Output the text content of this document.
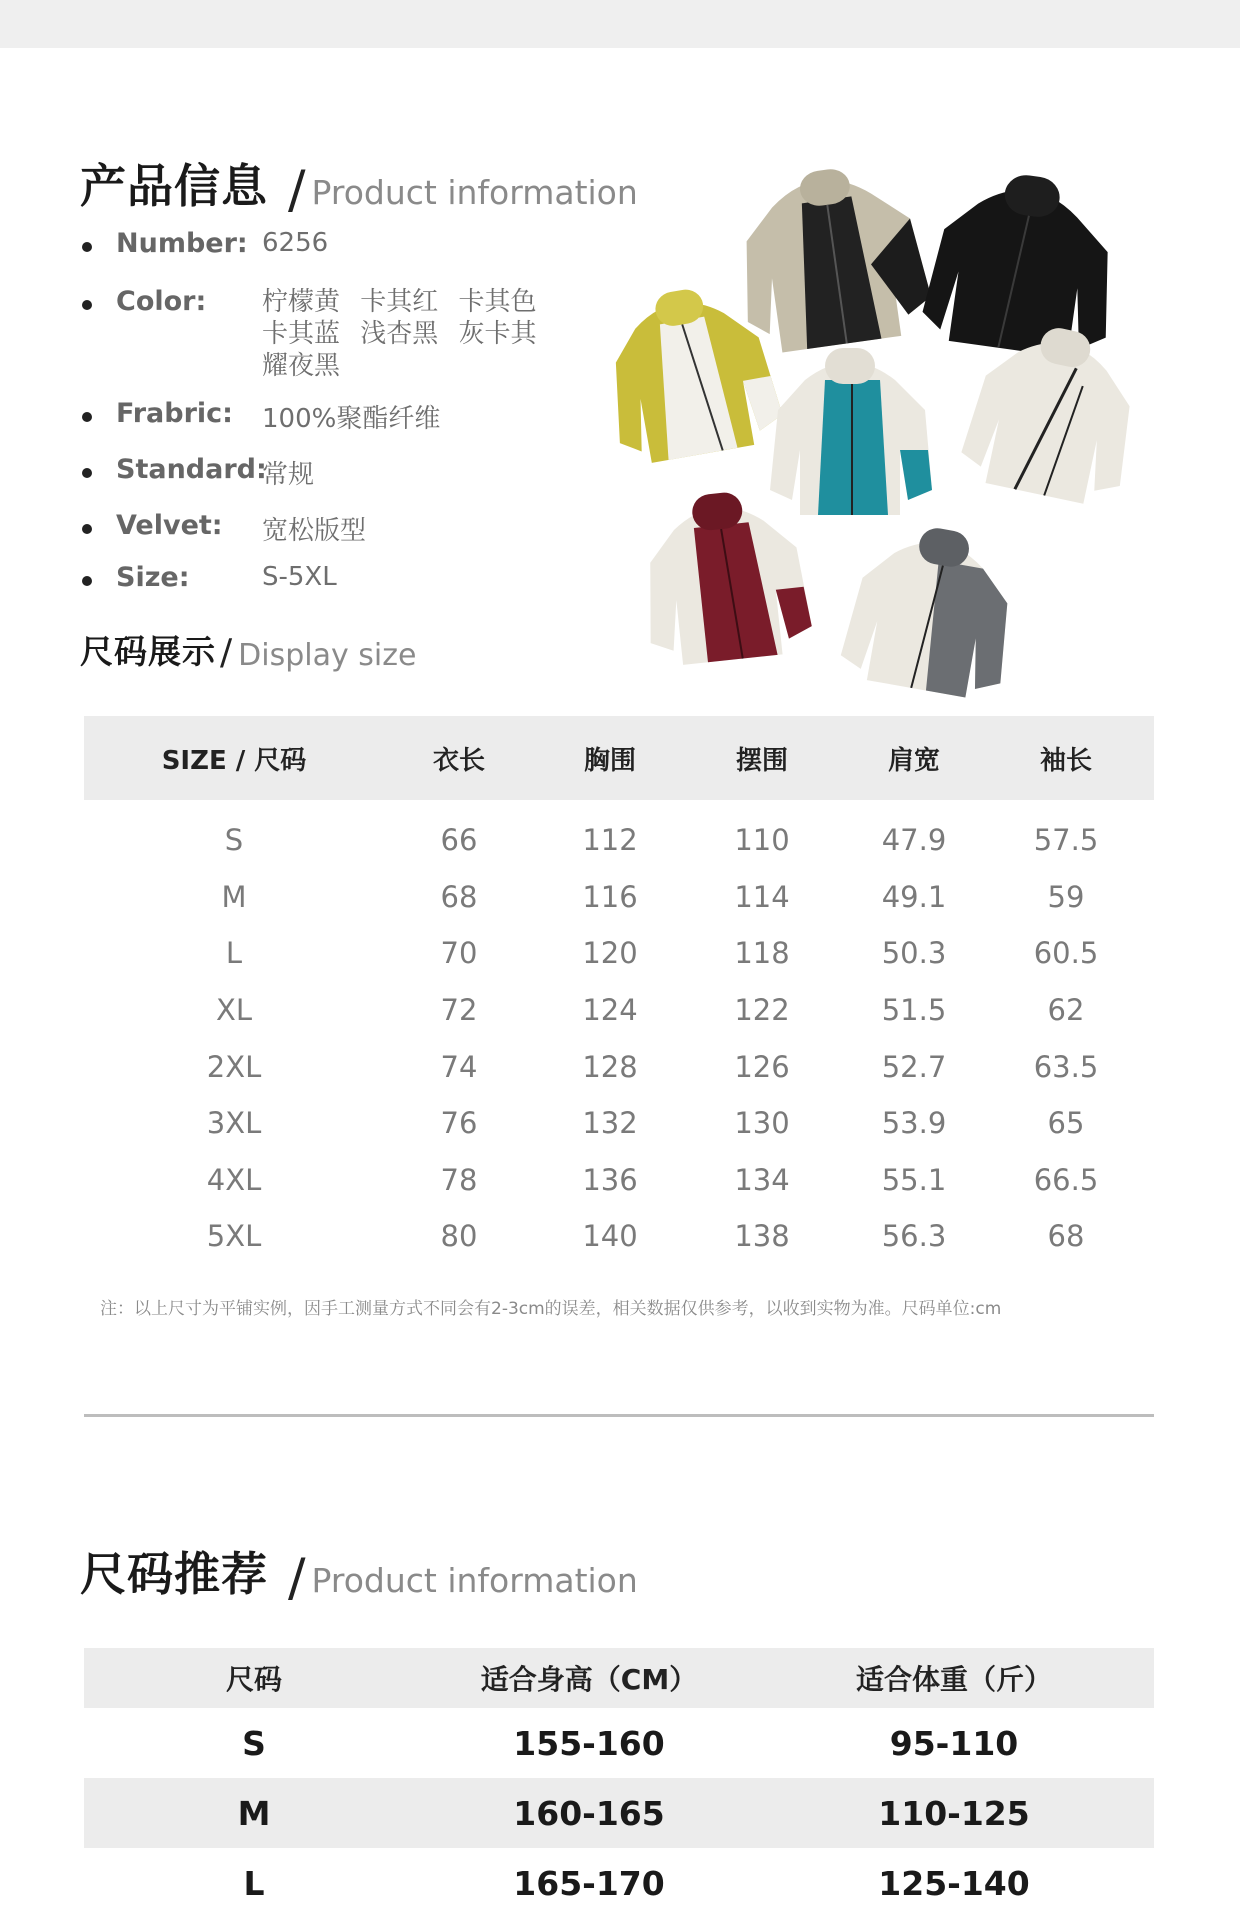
产品信息 / Product information
Number: 6256
Color:	柠檬黄 卡其红 卡其色
卡其蓝 浅杏黑 灰卡其
耀夜黑
Frabric:	100%聚酯纤维
Standard:
常规
Velvet:	宽松版型
Size:	S-5XL
尺码展示 / Display size
SIZE / 尺码	衣长	胸围	摆围	肩宽	袖长
S	66	112	110	47.9	57.5
M	68	116	114	49.1	59
L	70	120	118	50.3	60.5
XL	72	124	122	51.5	62
2XL	74	128	126	52.7	63.5
3XL	76	132	130	53.9	65
4XL	78	136	134	55.1	66.5
5XL	80	140	138	56.3	68
注：以上尺寸为平铺实例，因手工测量方式不同会有2-3cm的误差，相关数据仅供参考，以收到实物为准。尺码单位:cm
尺码推荐 / Product information
尺码	适合身高（CM）	适合体重（斤）
S	155-160	95-110
M	160-165	110-125
L	165-170	125-140
